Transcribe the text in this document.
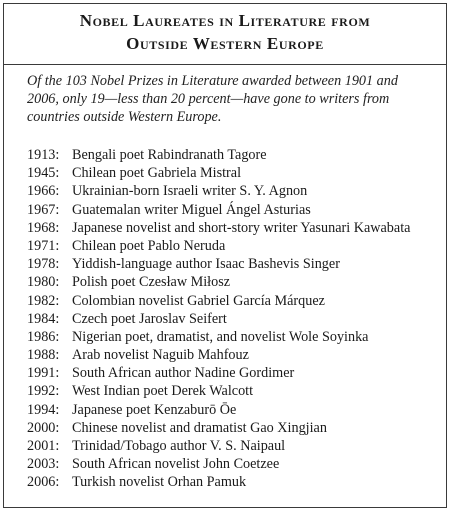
Nobel Laureates in Literature from
Outside Western Europe
Of the 103 Nobel Prizes in Literature awarded between 1901 and 2006, only 19—less than 20 percent—have gone to writers from countries outside Western Europe.
1913: Bengali poet Rabindranath Tagore
1945: Chilean poet Gabriela Mistral
1966: Ukrainian-born Israeli writer S. Y. Agnon
1967: Guatemalan writer Miguel Ángel Asturias
1968: Japanese novelist and short-story writer Yasunari Kawabata
1971: Chilean poet Pablo Neruda
1978: Yiddish-language author Isaac Bashevis Singer
1980: Polish poet Czesław Miłosz
1982: Colombian novelist Gabriel García Márquez
1984: Czech poet Jaroslav Seifert
1986: Nigerian poet, dramatist, and novelist Wole Soyinka
1988: Arab novelist Naguib Mahfouz
1991: South African author Nadine Gordimer
1992: West Indian poet Derek Walcott
1994: Japanese poet Kenzaburō Ōe
2000: Chinese novelist and dramatist Gao Xingjian
2001: Trinidad/Tobago author V. S. Naipaul
2003: South African novelist John Coetzee
2006: Turkish novelist Orhan Pamuk
